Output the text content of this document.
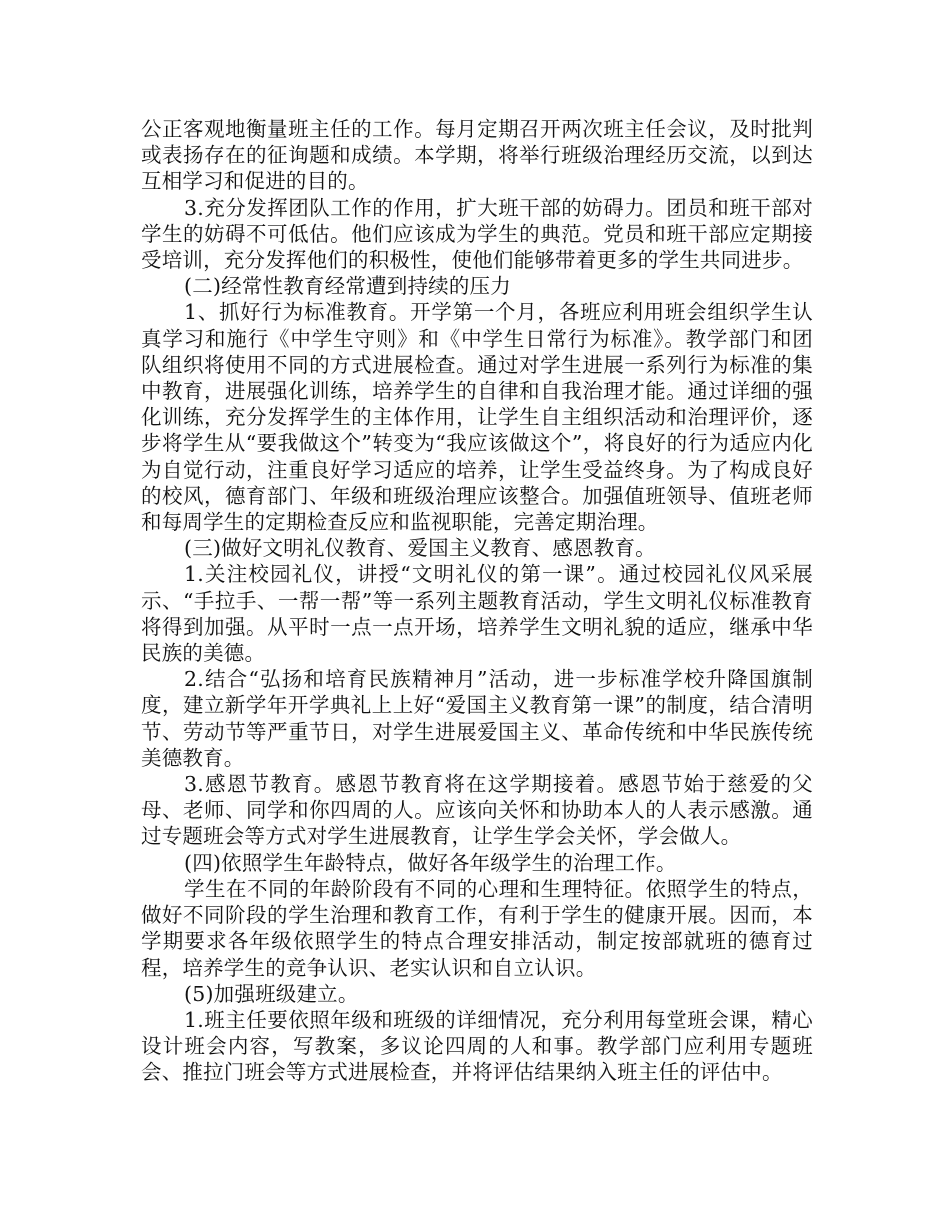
公正客观地衡量班主任的工作。每月定期召开两次班主任会议，及时批判或表扬存在的征询题和成绩。本学期，将举行班级治理经历交流，以到达互相学习和促进的目的。

3.充分发挥团队工作的作用，扩大班干部的妨碍力。团员和班干部对学生的妨碍不可低估。他们应该成为学生的典范。党员和班干部应定期接受培训，充分发挥他们的积极性，使他们能够带着更多的学生共同进步。

(二)经常性教育经常遭到持续的压力

1、抓好行为标准教育。开学第一个月，各班应利用班会组织学生认真学习和施行《中学生守则》和《中学生日常行为标准》。教学部门和团队组织将使用不同的方式进展检查。通过对学生进展一系列行为标准的集中教育，进展强化训练，培养学生的自律和自我治理才能。通过详细的强化训练，充分发挥学生的主体作用，让学生自主组织活动和治理评价，逐步将学生从“要我做这个”转变为“我应该做这个”，将良好的行为适应内化为自觉行动，注重良好学习适应的培养，让学生受益终身。为了构成良好的校风，德育部门、年级和班级治理应该整合。加强值班领导、值班老师和每周学生的定期检查反应和监视职能，完善定期治理。

(三)做好文明礼仪教育、爱国主义教育、感恩教育。

1.关注校园礼仪，讲授“文明礼仪的第一课”。通过校园礼仪风采展示、“手拉手、一帮一帮”等一系列主题教育活动，学生文明礼仪标准教育将得到加强。从平时一点一点开场，培养学生文明礼貌的适应，继承中华民族的美德。

2.结合“弘扬和培育民族精神月”活动，进一步标准学校升降国旗制度，建立新学年开学典礼上上好“爱国主义教育第一课”的制度，结合清明节、劳动节等严重节日，对学生进展爱国主义、革命传统和中华民族传统美德教育。

3.感恩节教育。感恩节教育将在这学期接着。感恩节始于慈爱的父母、老师、同学和你四周的人。应该向关怀和协助本人的人表示感激。通过专题班会等方式对学生进展教育，让学生学会关怀，学会做人。

(四)依照学生年龄特点，做好各年级学生的治理工作。

学生在不同的年龄阶段有不同的心理和生理特征。依照学生的特点，做好不同阶段的学生治理和教育工作，有利于学生的健康开展。因而，本学期要求各年级依照学生的特点合理安排活动，制定按部就班的德育过程，培养学生的竞争认识、老实认识和自立认识。

(5)加强班级建立。

1.班主任要依照年级和班级的详细情况，充分利用每堂班会课，精心设计班会内容，写教案，多议论四周的人和事。教学部门应利用专题班会、推拉门班会等方式进展检查，并将评估结果纳入班主任的评估中。
